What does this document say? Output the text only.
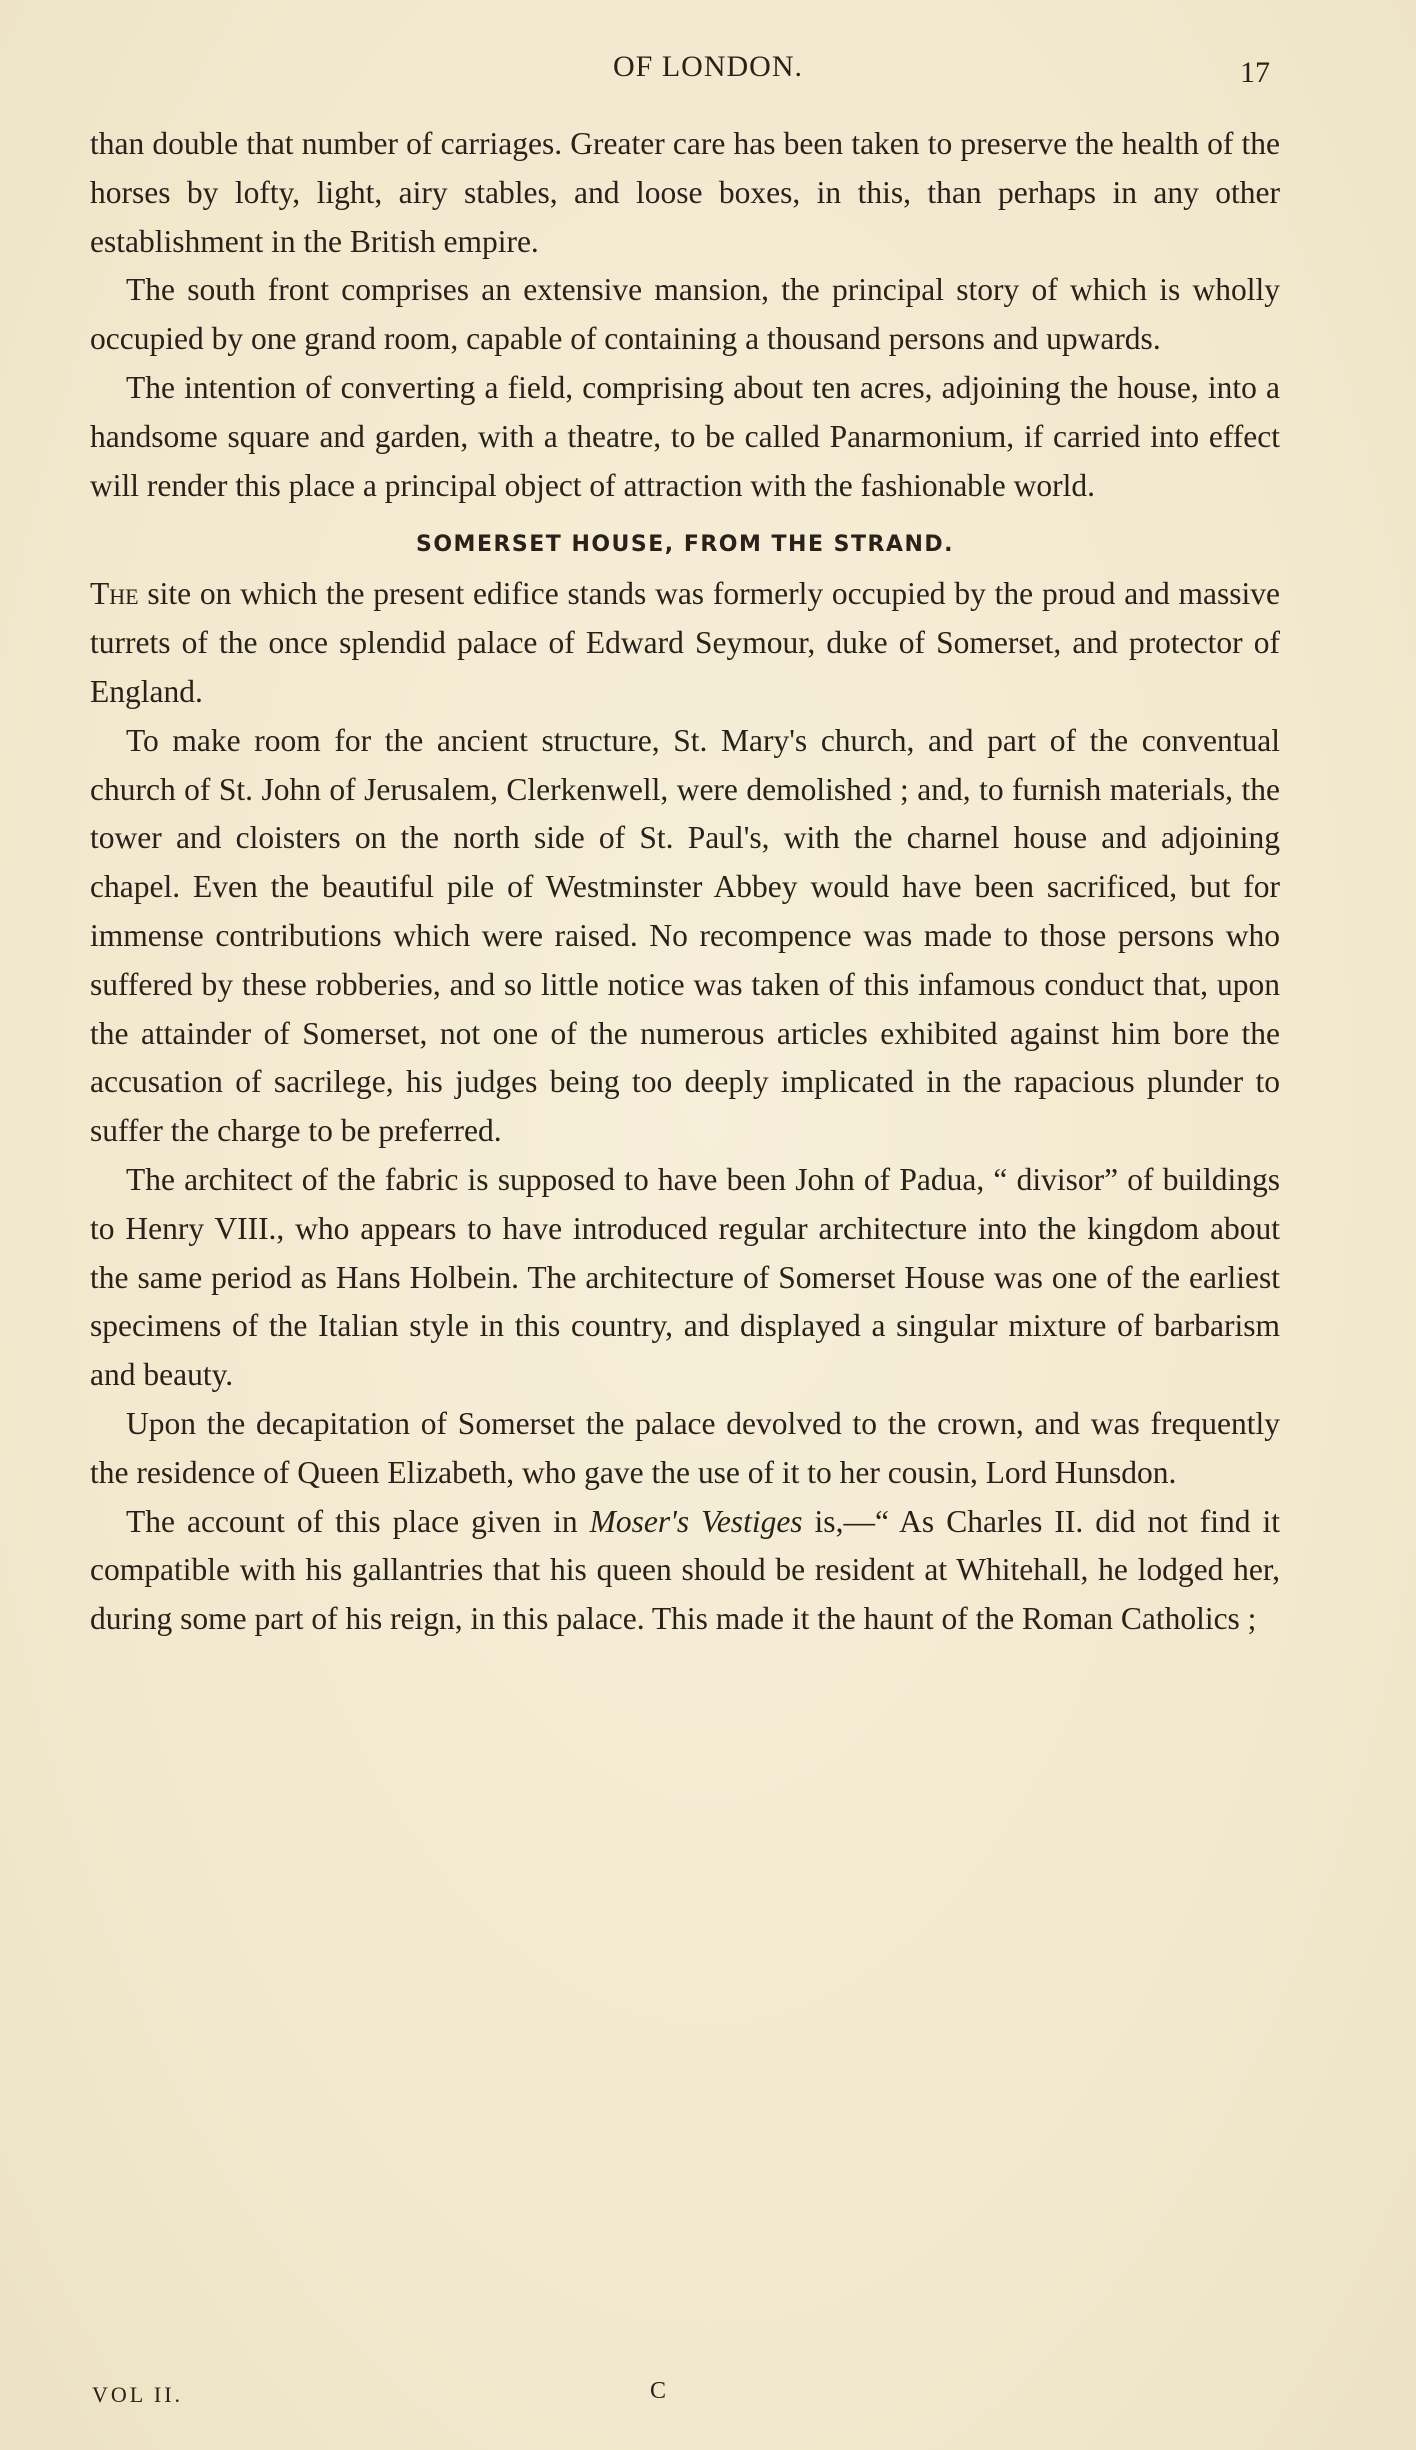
OF LONDON.	17

than double that number of carriages. Greater care has been taken to preserve the health of the horses by lofty, light, airy stables, and loose boxes, in this, than perhaps in any other establishment in the British empire.

The south front comprises an extensive mansion, the principal story of which is wholly occupied by one grand room, capable of containing a thousand persons and upwards.

The intention of converting a field, comprising about ten acres, adjoining the house, into a handsome square and garden, with a theatre, to be called Panarmonium, if carried into effect will render this place a principal object of attraction with the fashionable world.

SOMERSET HOUSE, FROM THE STRAND.

The site on which the present edifice stands was formerly occupied by the proud and massive turrets of the once splendid palace of Edward Seymour, duke of Somerset, and protector of England.

To make room for the ancient structure, St. Mary's church, and part of the conventual church of St. John of Jerusalem, Clerkenwell, were demolished ; and, to furnish materials, the tower and cloisters on the north side of St. Paul's, with the charnel house and adjoining chapel. Even the beautiful pile of Westminster Abbey would have been sacrificed, but for immense contributions which were raised. No recompence was made to those persons who suffered by these robberies, and so little notice was taken of this infamous conduct that, upon the attainder of Somerset, not one of the numerous articles exhibited against him bore the accusation of sacrilege, his judges being too deeply implicated in the rapacious plunder to suffer the charge to be preferred.

The architect of the fabric is supposed to have been John of Padua, “ divisor” of buildings to Henry VIII., who appears to have introduced regular architecture into the kingdom about the same period as Hans Holbein. The architecture of Somerset House was one of the earliest specimens of the Italian style in this country, and displayed a singular mixture of barbarism and beauty.

Upon the decapitation of Somerset the palace devolved to the crown, and was frequently the residence of Queen Elizabeth, who gave the use of it to her cousin, Lord Hunsdon.

The account of this place given in Moser's Vestiges is,—“ As Charles II. did not find it compatible with his gallantries that his queen should be resident at Whitehall, he lodged her, during some part of his reign, in this palace. This made it the haunt of the Roman Catholics ;

VOL II.	C
